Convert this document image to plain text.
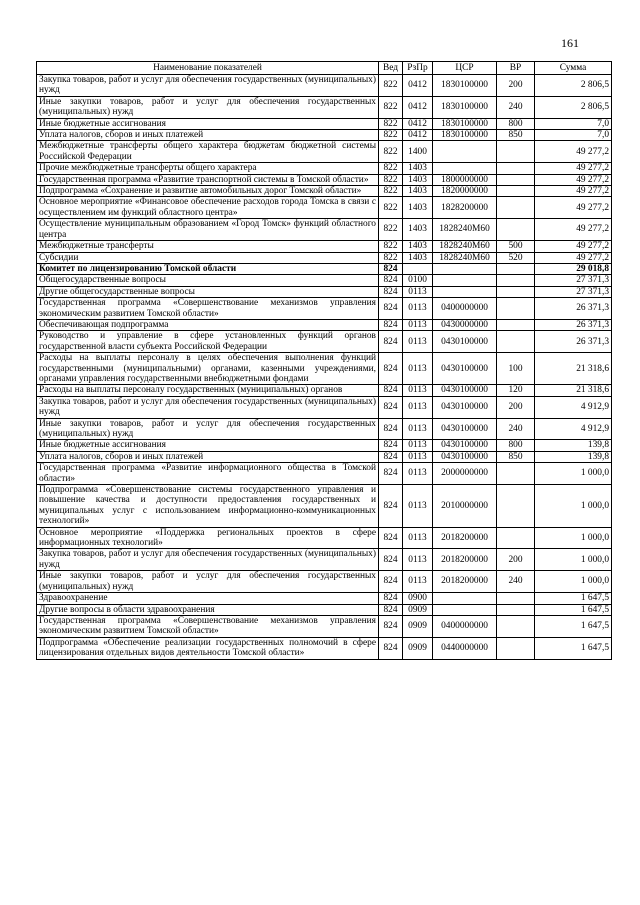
161
Наименование показателей	Вед	РзПр	ЦСР	ВР	Сумма
Закупка товаров, работ и услуг для обеспечения государственных (муниципальных) нужд	822	0412	1830100000	200	2 806,5
Иные закупки товаров, работ и услуг для обеспечения государственных (муниципальных) нужд	822	0412	1830100000	240	2 806,5
Иные бюджетные ассигнования	822	0412	1830100000	800	7,0
Уплата налогов, сборов и иных платежей	822	0412	1830100000	850	7,0
Межбюджетные трансферты общего характера бюджетам бюджетной системы Российской Федерации	822	1400			49 277,2
Прочие межбюджетные трансферты общего характера	822	1403			49 277,2
Государственная программа «Развитие транспортной системы в Томской области»	822	1403	1800000000		49 277,2
Подпрограмма «Сохранение и развитие автомобильных дорог Томской области»	822	1403	1820000000		49 277,2
Основное мероприятие «Финансовое обеспечение расходов города Томска в связи с осуществлением им функций областного центра»	822	1403	1828200000		49 277,2
Осуществление муниципальным образованием «Город Томск» функций областного центра	822	1403	1828240M60		49 277,2
Межбюджетные трансферты	822	1403	1828240M60	500	49 277,2
Субсидии	822	1403	1828240M60	520	49 277,2
Комитет по лицензированию Томской области	824				29 018,8
Общегосударственные вопросы	824	0100			27 371,3
Другие общегосударственные вопросы	824	0113			27 371,3
Государственная программа «Совершенствование механизмов управления экономическим развитием Томской области»	824	0113	0400000000		26 371,3
Обеспечивающая подпрограмма	824	0113	0430000000		26 371,3
Руководство и управление в сфере установленных функций органов государственной власти субъекта Российской Федерации	824	0113	0430100000		26 371,3
Расходы на выплаты персоналу в целях обеспечения выполнения функций государственными (муниципальными) органами, казенными учреждениями, органами управления государственными внебюджетными фондами	824	0113	0430100000	100	21 318,6
Расходы на выплаты персоналу государственных (муниципальных) органов	824	0113	0430100000	120	21 318,6
Закупка товаров, работ и услуг для обеспечения государственных (муниципальных) нужд	824	0113	0430100000	200	4 912,9
Иные закупки товаров, работ и услуг для обеспечения государственных (муниципальных) нужд	824	0113	0430100000	240	4 912,9
Иные бюджетные ассигнования	824	0113	0430100000	800	139,8
Уплата налогов, сборов и иных платежей	824	0113	0430100000	850	139,8
Государственная программа «Развитие информационного общества в Томской области»	824	0113	2000000000		1 000,0
Подпрограмма «Совершенствование системы государственного управления и повышение качества и доступности предоставления государственных и муниципальных услуг с использованием информационно-коммуникационных технологий»	824	0113	2010000000		1 000,0
Основное мероприятие «Поддержка региональных проектов в сфере информационных технологий»	824	0113	2018200000		1 000,0
Закупка товаров, работ и услуг для обеспечения государственных (муниципальных) нужд	824	0113	2018200000	200	1 000,0
Иные закупки товаров, работ и услуг для обеспечения государственных (муниципальных) нужд	824	0113	2018200000	240	1 000,0
Здравоохранение	824	0900			1 647,5
Другие вопросы в области здравоохранения	824	0909			1 647,5
Государственная программа «Совершенствование механизмов управления экономическим развитием Томской области»	824	0909	0400000000		1 647,5
Подпрограмма «Обеспечение реализации государственных полномочий в сфере лицензирования отдельных видов деятельности Томской области»	824	0909	0440000000		1 647,5
